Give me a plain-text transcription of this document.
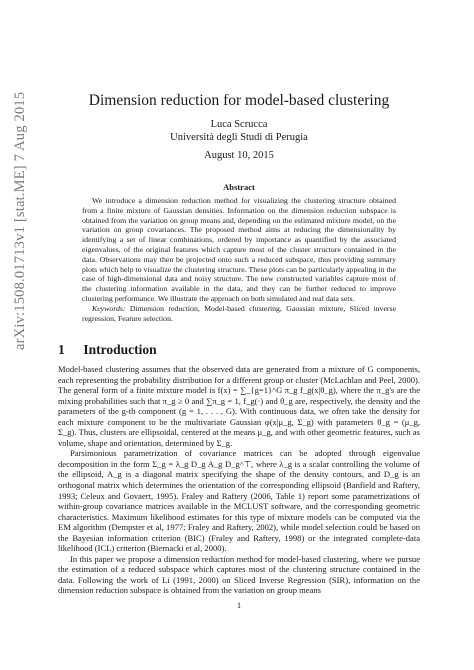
arXiv:1508.01713v1 [stat.ME] 7 Aug 2015	Dimension reduction for model-based clustering
Luca Scrucca
Università degli Studi di Perugia
August 10, 2015
Abstract

We introduce a dimension reduction method for visualizing the clustering structure obtained from a finite mixture of Gaussian densities. Information on the dimension reduction subspace is obtained from the variation on group means and, depending on the estimated mixture model, on the variation on group covariances. The proposed method aims at reducing the dimensionality by identifying a set of linear combinations, ordered by importance as quantified by the associated eigenvalues, of the original features which capture most of the cluster structure contained in the data. Observations may then be projected onto such a reduced subspace, thus providing summary plots which help to visualize the clustering structure. These plots can be particularly appealing in the case of high-dimensional data and noisy structure. The new constructed variables capture most of the clustering information available in the data, and they can be further reduced to improve clustering performance. We illustrate the approach on both simulated and real data sets.

Keywords: Dimension reduction, Model-based clustering, Gaussian mixture, Sliced inverse regression, Feature selection.

1 Introduction

Model-based clustering assumes that the observed data are generated from a mixture of G components, each representing the probability distribution for a different group or cluster (McLachlan and Peel, 2000). The general form of a finite mixture model is f(x) = ∑_{g=1}^G π_g f_g(x|θ_g), where the π_g's are the mixing probabilities such that π_g ≥ 0 and ∑π_g = 1, f_g(·) and θ_g are, respectively, the density and the parameters of the g-th component (g = 1, . . . , G). With continuous data, we often take the density for each mixture component to be the multivariate Gaussian φ(x|μ_g, Σ_g) with parameters θ_g = (μ_g, Σ_g). Thus, clusters are ellipsoidal, centered at the means μ_g, and with other geometric features, such as volume, shape and orientation, determined by Σ_g.

Parsimonious parametrization of covariance matrices can be adopted through eigenvalue decomposition in the form Σ_g = λ_g D_g A_g D_g^⊤, where λ_g is a scalar controlling the volume of the ellipsoid, A_g is a diagonal matrix specifying the shape of the density contours, and D_g is an orthogonal matrix which determines the orientation of the corresponding ellipsoid (Banfield and Raftery, 1993; Celeux and Govaert, 1995). Fraley and Raftery (2006, Table 1) report some parametrizations of within-group covariance matrices available in the MCLUST software, and the corresponding geometric characteristics. Maximum likelihood estimates for this type of mixture models can be computed via the EM algorithm (Dempster et al, 1977; Fraley and Raftery, 2002), while model selection could be based on the Bayesian information criterion (BIC) (Fraley and Raftery, 1998) or the integrated complete-data likelihood (ICL) criterion (Biernacki et al, 2000).

In this paper we propose a dimension reduction method for model-based clustering, where we pursue the estimation of a reduced subspace which captures most of the clustering structure contained in the data. Following the work of Li (1991, 2000) on Sliced Inverse Regression (SIR), information on the dimension reduction subspace is obtained from the variation on group means

1
